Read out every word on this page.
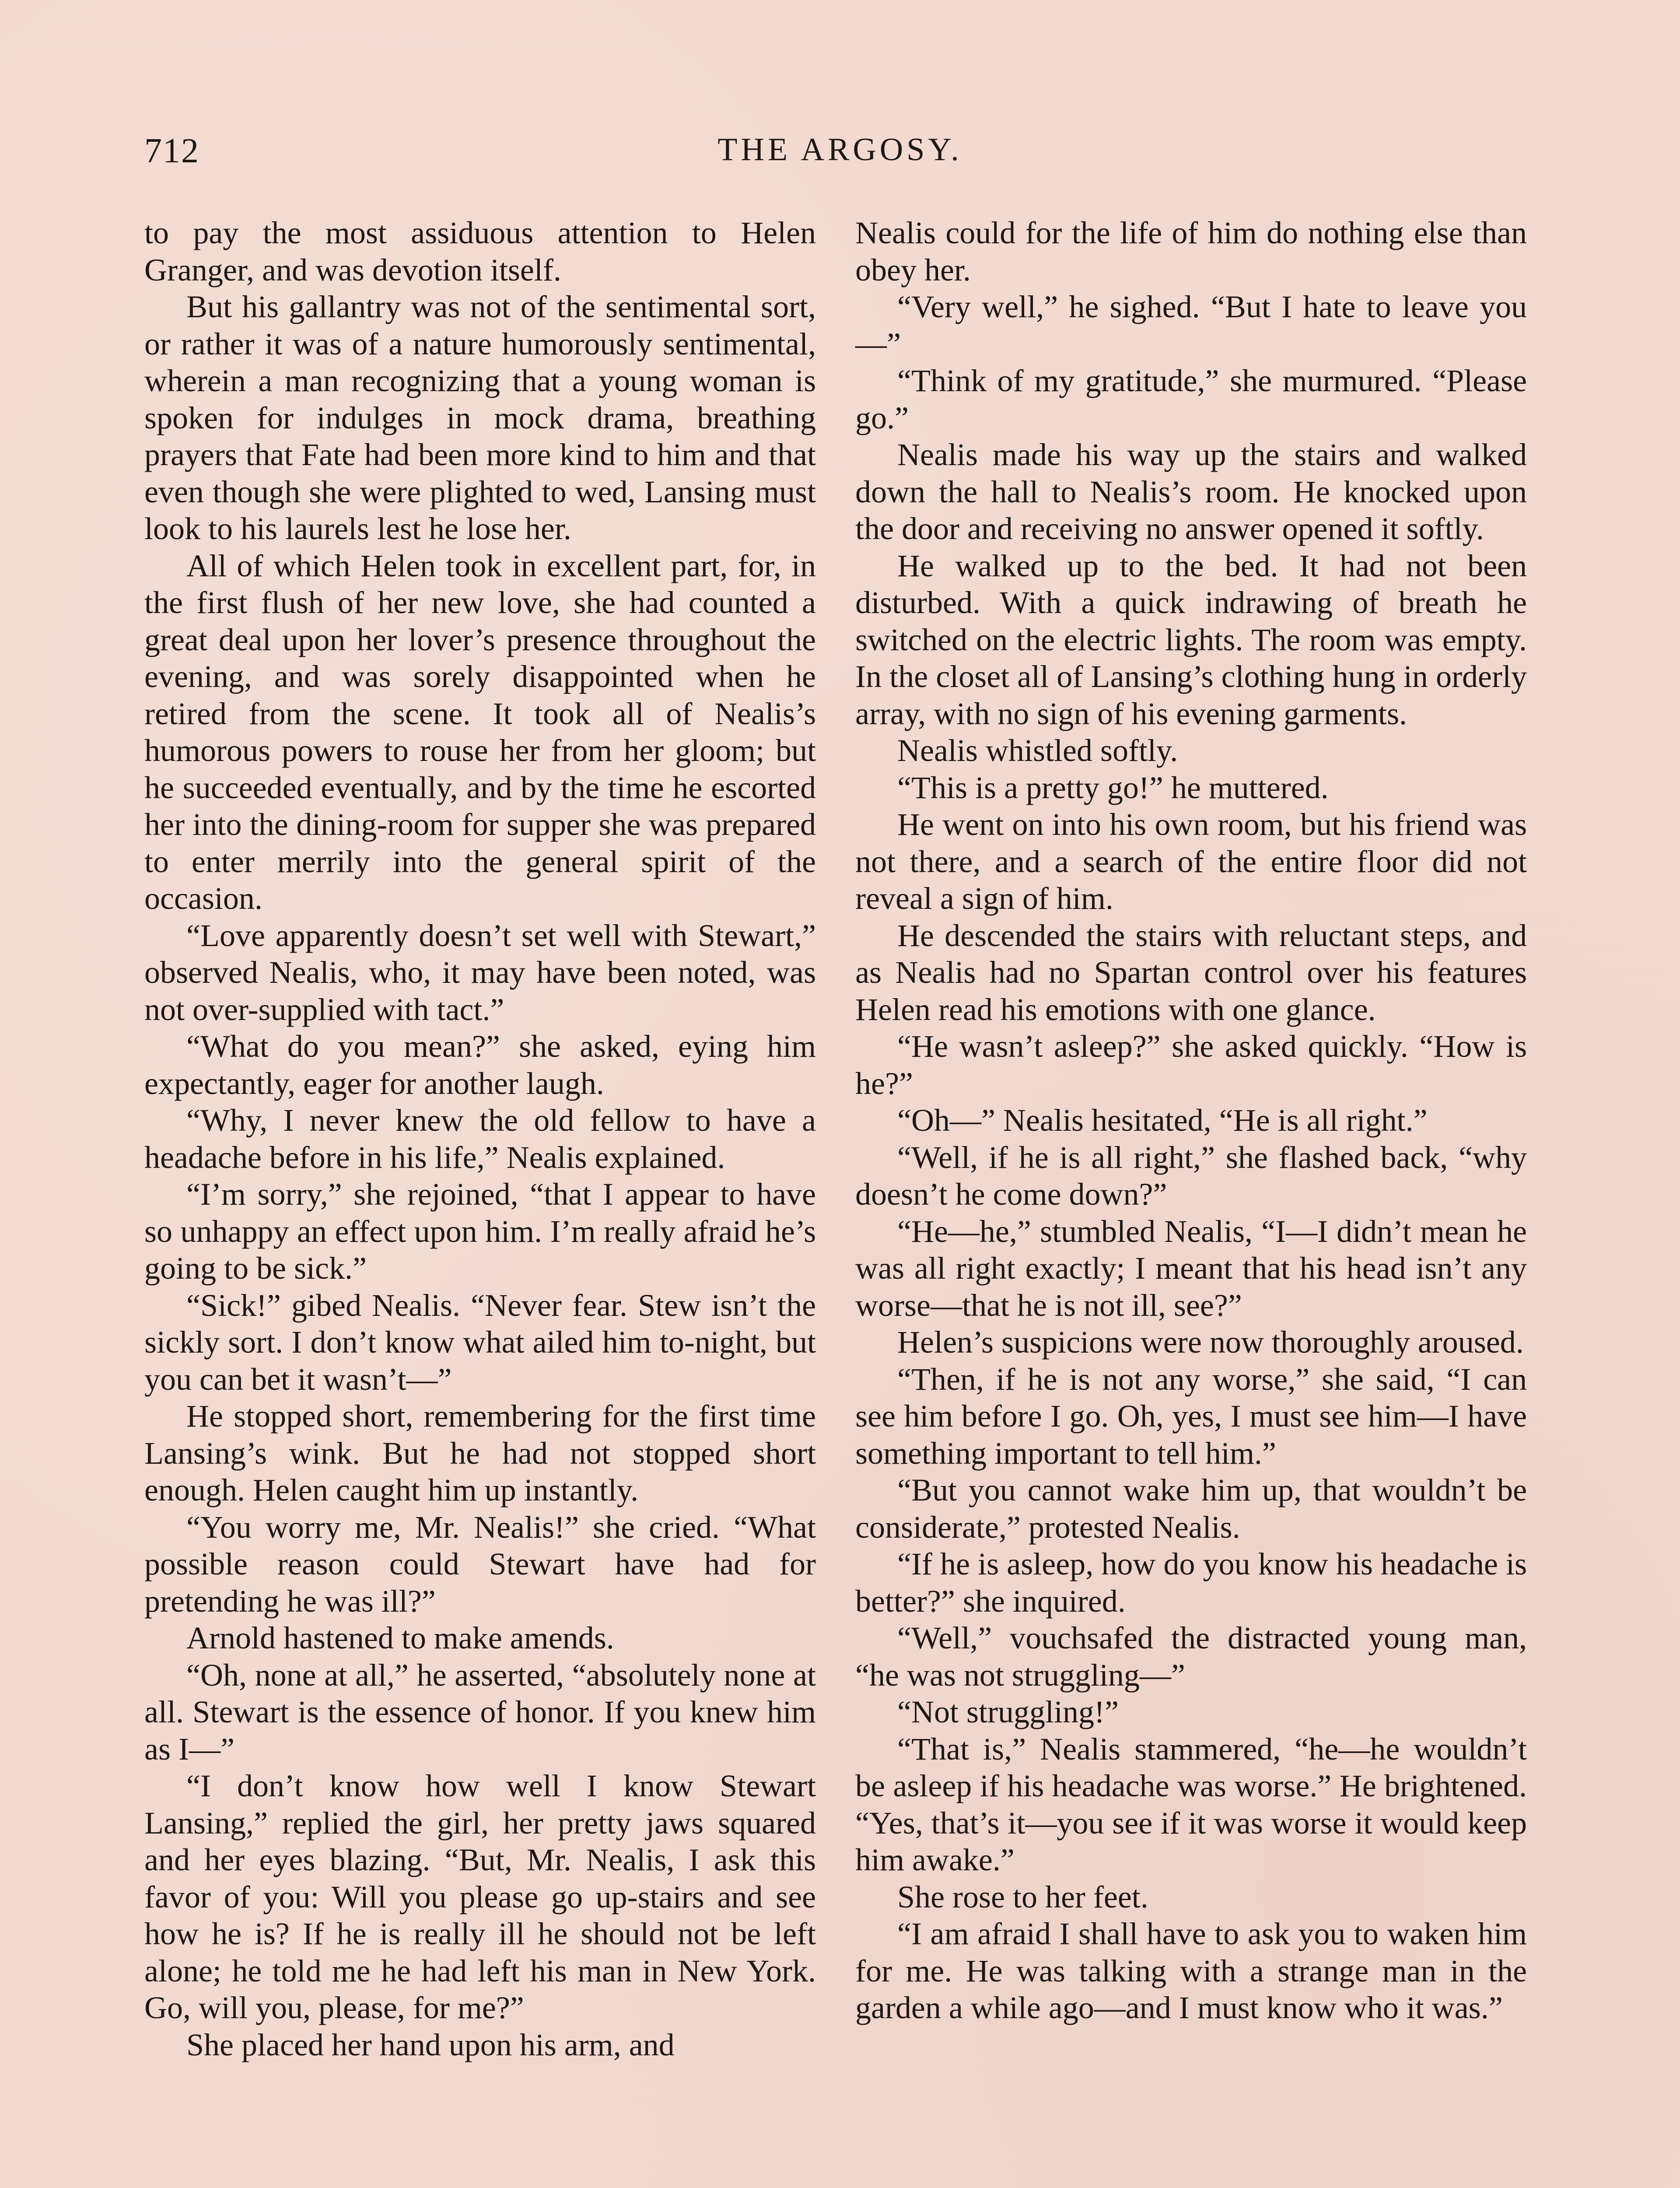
712	THE ARGOSY.

to pay the most assiduous attention to Helen Granger, and was devotion itself.

But his gallantry was not of the sentimental sort, or rather it was of a nature humorously sentimental, wherein a man recognizing that a young woman is spoken for indulges in mock drama, breathing prayers that Fate had been more kind to him and that even though she were plighted to wed, Lansing must look to his laurels lest he lose her.

All of which Helen took in excellent part, for, in the first flush of her new love, she had counted a great deal upon her lover’s presence throughout the evening, and was sorely disappointed when he retired from the scene. It took all of Nealis’s humorous powers to rouse her from her gloom; but he succeeded eventually, and by the time he escorted her into the dining-room for supper she was prepared to enter merrily into the general spirit of the occasion.

“Love apparently doesn’t set well with Stewart,” observed Nealis, who, it may have been noted, was not over-supplied with tact.”

“What do you mean?” she asked, eying him expectantly, eager for another laugh.

“Why, I never knew the old fellow to have a headache before in his life,” Nealis explained.

“I’m sorry,” she rejoined, “that I appear to have so unhappy an effect upon him. I’m really afraid he’s going to be sick.”

“Sick!” gibed Nealis. “Never fear. Stew isn’t the sickly sort. I don’t know what ailed him to-night, but you can bet it wasn’t—”

He stopped short, remembering for the first time Lansing’s wink. But he had not stopped short enough. Helen caught him up instantly.

“You worry me, Mr. Nealis!” she cried. “What possible reason could Stewart have had for pretending he was ill?”

Arnold hastened to make amends.

“Oh, none at all,” he asserted, “absolutely none at all. Stewart is the essence of honor. If you knew him as I—”

“I don’t know how well I know Stewart Lansing,” replied the girl, her pretty jaws squared and her eyes blazing. “But, Mr. Nealis, I ask this favor of you: Will you please go up-stairs and see how he is? If he is really ill he should not be left alone; he told me he had left his man in New York. Go, will you, please, for me?”

She placed her hand upon his arm, and

Nealis could for the life of him do nothing else than obey her.

“Very well,” he sighed. “But I hate to leave you—”

“Think of my gratitude,” she murmured. “Please go.”

Nealis made his way up the stairs and walked down the hall to Nealis’s room. He knocked upon the door and receiving no answer opened it softly.

He walked up to the bed. It had not been disturbed. With a quick indrawing of breath he switched on the electric lights. The room was empty. In the closet all of Lansing’s clothing hung in orderly array, with no sign of his evening garments.

Nealis whistled softly.

“This is a pretty go!” he muttered.

He went on into his own room, but his friend was not there, and a search of the entire floor did not reveal a sign of him.

He descended the stairs with reluctant steps, and as Nealis had no Spartan control over his features Helen read his emotions with one glance.

“He wasn’t asleep?” she asked quickly. “How is he?”

“Oh—” Nealis hesitated, “He is all right.”

“Well, if he is all right,” she flashed back, “why doesn’t he come down?”

“He—he,” stumbled Nealis, “I—I didn’t mean he was all right exactly; I meant that his head isn’t any worse—that he is not ill, see?”

Helen’s suspicions were now thoroughly aroused.

“Then, if he is not any worse,” she said, “I can see him before I go. Oh, yes, I must see him—I have something important to tell him.”

“But you cannot wake him up, that wouldn’t be considerate,” protested Nealis.

“If he is asleep, how do you know his headache is better?” she inquired.

“Well,” vouchsafed the distracted young man, “he was not struggling—”

“Not struggling!”

“That is,” Nealis stammered, “he—he wouldn’t be asleep if his headache was worse.” He brightened. “Yes, that’s it—you see if it was worse it would keep him awake.”

She rose to her feet.

“I am afraid I shall have to ask you to waken him for me. He was talking with a strange man in the garden a while ago—and I must know who it was.”
